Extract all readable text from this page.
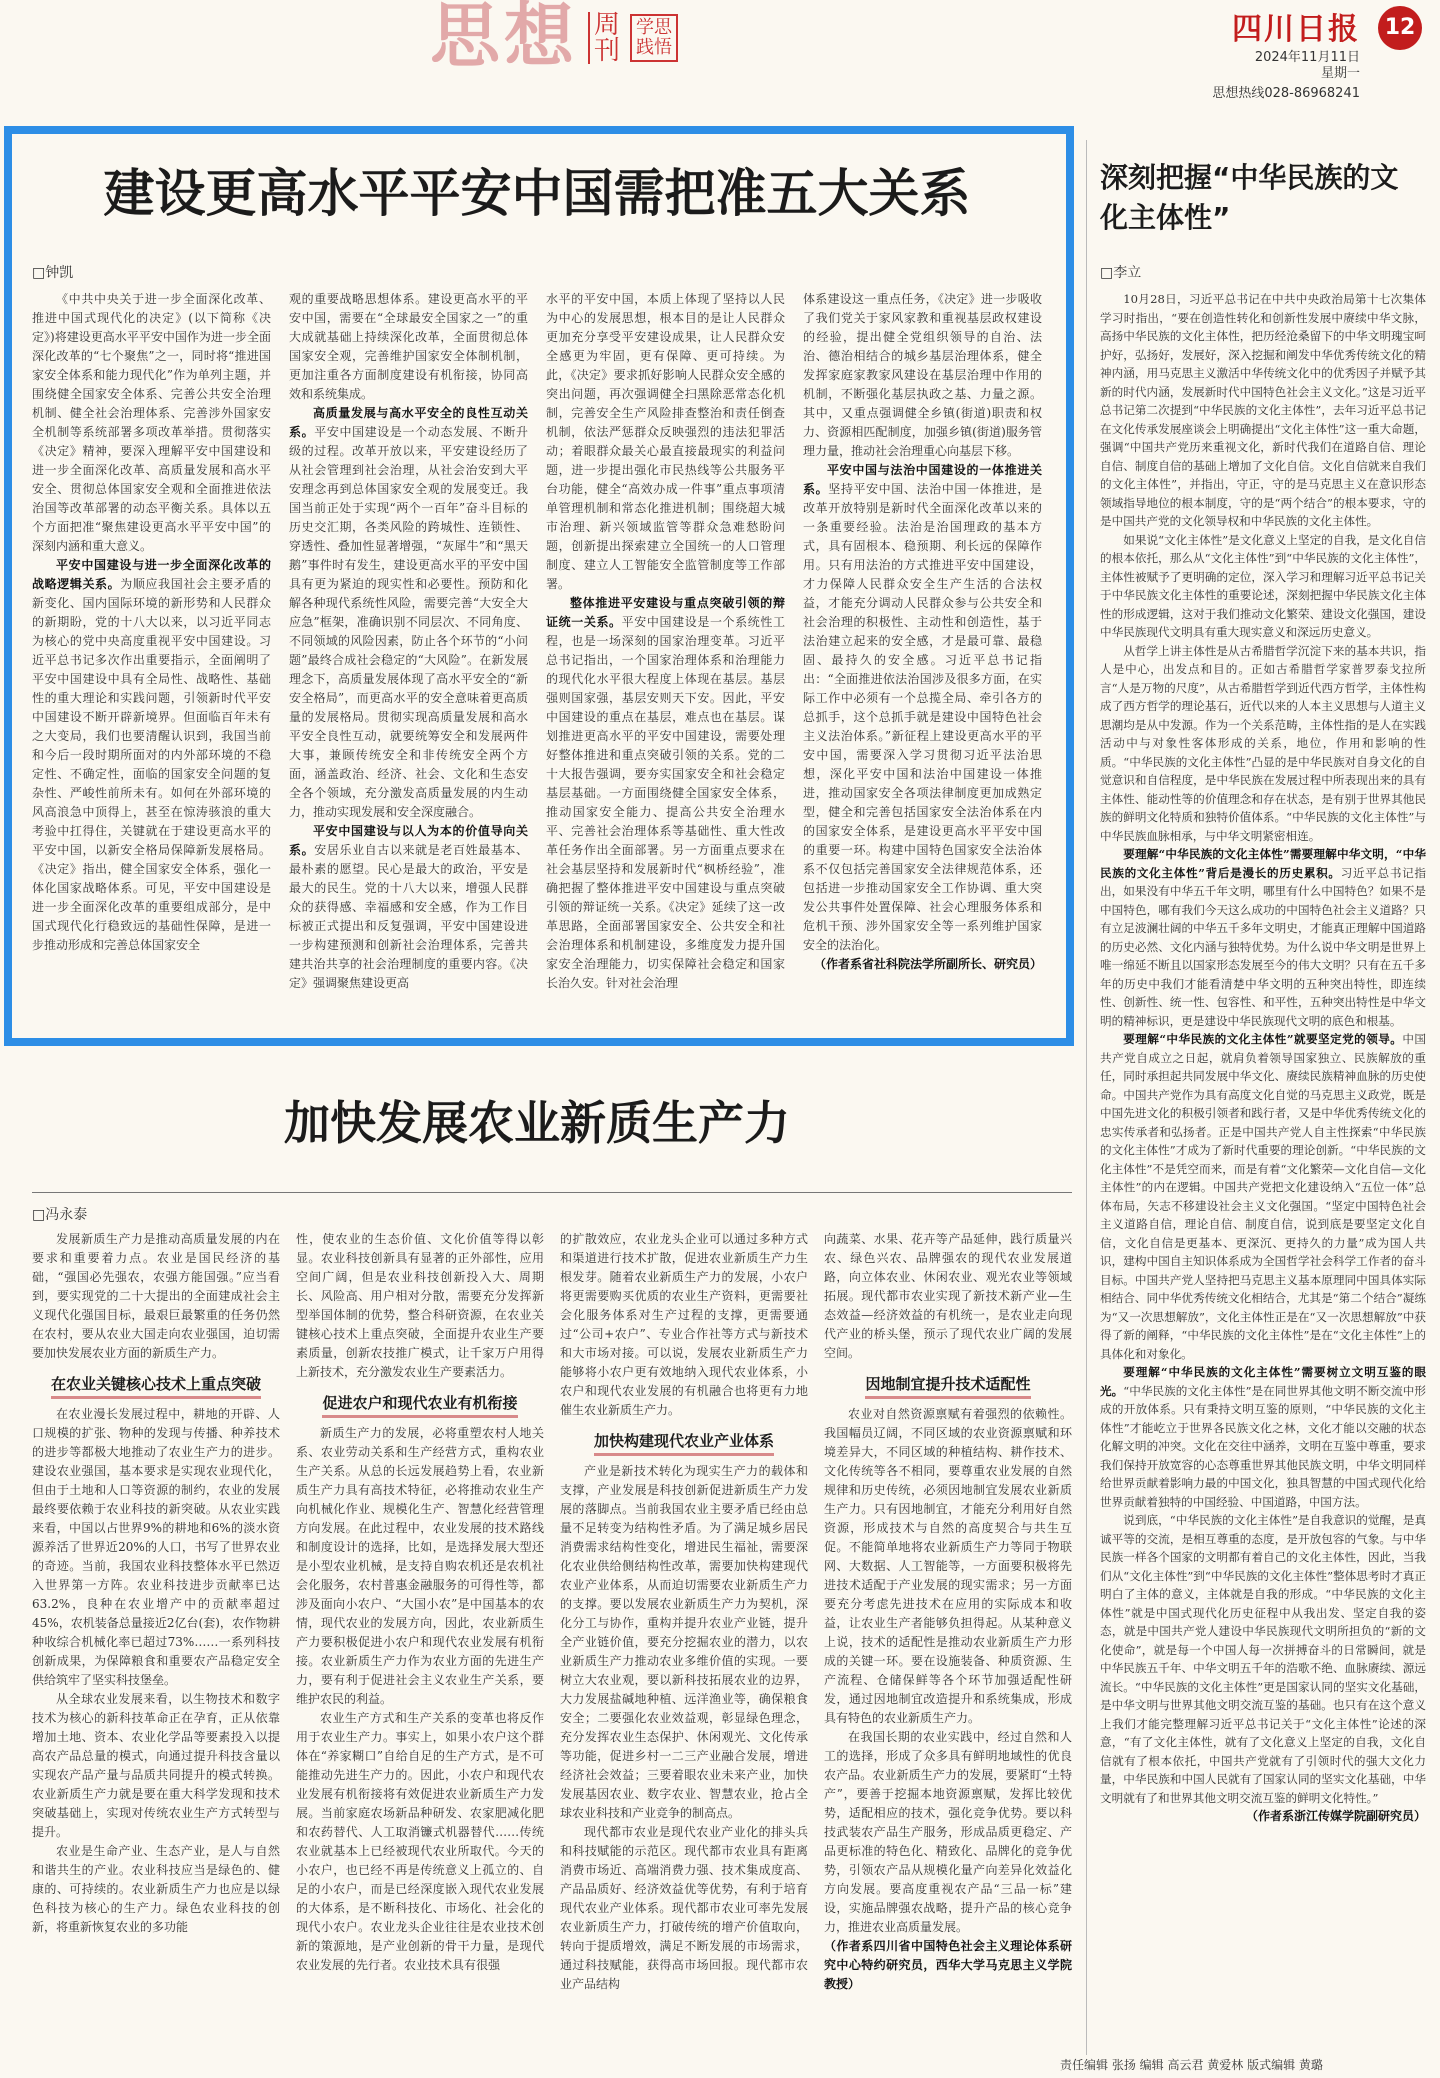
思想 周
刊
学思践悟
四川日报	12
2024年11月11日
星期一
思想热线028-86968241
建设更高水平平安中国需把准五大关系
□钟凯

《中共中央关于进一步全面深化改革、推进中国式现代化的决定》(以下简称《决定》)将建设更高水平平安中国作为进一步全面深化改革的“七个聚焦”之一，同时将“推进国家安全体系和能力现代化”作为单列主题，并围绕健全国家安全体系、完善公共安全治理机制、健全社会治理体系、完善涉外国家安全机制等系统部署多项改革举措。贯彻落实《决定》精神，要深入理解平安中国建设和进一步全面深化改革、高质量发展和高水平安全、贯彻总体国家安全观和全面推进依法治国等改革部署的动态平衡关系。具体以五个方面把准“聚焦建设更高水平平安中国”的深刻内涵和重大意义。

平安中国建设与进一步全面深化改革的战略逻辑关系。为顺应我国社会主要矛盾的新变化、国内国际环境的新形势和人民群众的新期盼，党的十八大以来，以习近平同志为核心的党中央高度重视平安中国建设。习近平总书记多次作出重要指示，全面阐明了平安中国建设中具有全局性、战略性、基础性的重大理论和实践问题，引领新时代平安中国建设不断开辟新境界。但面临百年未有之大变局，我们也要清醒认识到，我国当前和今后一段时期所面对的内外部环境的不稳定性、不确定性，面临的国家安全问题的复杂性、严峻性前所未有。如何在外部环境的风高浪急中顶得上，甚至在惊涛骇浪的重大考验中扛得住，关键就在于建设更高水平的平安中国，以新安全格局保障新发展格局。《决定》指出，健全国家安全体系，强化一体化国家战略体系。可见，平安中国建设是进一步全面深化改革的重要组成部分，是中国式现代化行稳致远的基础性保障，是进一步推动形成和完善总体国家安全

观的重要战略思想体系。建设更高水平的平安中国，需要在“全球最安全国家之一”的重大成就基础上持续深化改革，全面贯彻总体国家安全观，完善维护国家安全体制机制，更加注重各方面制度建设有机衔接，协同高效和系统集成。

高质量发展与高水平安全的良性互动关系。平安中国建设是一个动态发展、不断升级的过程。改革开放以来，平安建设经历了从社会管理到社会治理，从社会治安到大平安理念再到总体国家安全观的发展变迁。我国当前正处于实现“两个一百年”奋斗目标的历史交汇期，各类风险的跨城性、连锁性、穿透性、叠加性显著增强，“灰犀牛”和“黑天鹅”事件时有发生，建设更高水平的平安中国具有更为紧迫的现实性和必要性。预防和化解各种现代系统性风险，需要完善“大安全大应急”框架，准确识别不同层次、不同角度、不同领域的风险因素，防止各个环节的“小问题”最终合成社会稳定的“大风险”。在新发展理念下，高质量发展体现了高水平安全的“新安全格局”，而更高水平的安全意味着更高质量的发展格局。贯彻实现高质量发展和高水平安全良性互动，就要统筹安全和发展两件大事，兼顾传统安全和非传统安全两个方面，涵盖政治、经济、社会、文化和生态安全各个领域，充分激发高质量发展的内生动力，推动实现发展和安全深度融合。

平安中国建设与以人为本的价值导向关系。安居乐业自古以来就是老百姓最基本、最朴素的愿望。民心是最大的政治，平安是最大的民生。党的十八大以来，增强人民群众的获得感、幸福感和安全感，作为工作目标被正式提出和反复强调，平安中国建设进一步构建预测和创新社会治理体系，完善共建共治共享的社会治理制度的重要内容。《决定》强调聚焦建设更高

水平的平安中国，本质上体现了坚持以人民为中心的发展思想，根本目的是让人民群众更加充分享受平安建设成果，让人民群众安全感更为牢固，更有保障、更可持续。为此，《决定》要求抓好影响人民群众安全感的突出问题，再次强调健全扫黑除恶常态化机制，完善安全生产风险排查整治和责任倒查机制，依法严惩群众反映强烈的违法犯罪活动；着眼群众最关心最直接最现实的利益问题，进一步提出强化市民热线等公共服务平台功能，健全“高效办成一件事”重点事项清单管理机制和常态化推进机制；围绕超大城市治理、新兴领域监管等群众急难愁盼问题，创新提出探索建立全国统一的人口管理制度、建立人工智能安全监管制度等工作部署。

整体推进平安建设与重点突破引领的辩证统一关系。平安中国建设是一个系统性工程，也是一场深刻的国家治理变革。习近平总书记指出，一个国家治理体系和治理能力的现代化水平很大程度上体现在基层。基层强则国家强，基层安则天下安。因此，平安中国建设的重点在基层，难点也在基层。谋划推进更高水平的平安中国建设，需要处理好整体推进和重点突破引领的关系。党的二十大报告强调，要夯实国家安全和社会稳定基层基础。一方面围绕健全国家安全体系，推动国家安全能力、提高公共安全治理水平、完善社会治理体系等基础性、重大性改革任务作出全面部署。另一方面重点要求在社会基层坚持和发展新时代“枫桥经验”，准确把握了整体推进平安中国建设与重点突破引领的辩证统一关系。《决定》延续了这一改革思路，全面部署国家安全、公共安全和社会治理体系和机制建设，多维度发力提升国家安全治理能力，切实保障社会稳定和国家长治久安。针对社会治理

体系建设这一重点任务，《决定》进一步吸收了我们党关于家风家教和重视基层政权建设的经验，提出健全党组织领导的自治、法治、德治相结合的城乡基层治理体系，健全发挥家庭家教家风建设在基层治理中作用的机制，不断强化基层执政之基、力量之源。其中，又重点强调健全乡镇(街道)职责和权力、资源相匹配制度，加强乡镇(街道)服务管理力量，推动社会治理重心向基层下移。

平安中国与法治中国建设的一体推进关系。坚持平安中国、法治中国一体推进，是改革开放特别是新时代全面深化改革以来的一条重要经验。法治是治国理政的基本方式，具有固根本、稳预期、利长远的保障作用。只有用法治的方式推进平安中国建设，才力保障人民群众安全生产生活的合法权益，才能充分调动人民群众参与公共安全和社会治理的积极性、主动性和创造性，基于法治建立起来的安全感，才是最可靠、最稳固、最持久的安全感。习近平总书记指出：“全面推进依法治国涉及很多方面，在实际工作中必须有一个总揽全局、牵引各方的总抓手，这个总抓手就是建设中国特色社会主义法治体系。”新征程上建设更高水平的平安中国，需要深入学习贯彻习近平法治思想，深化平安中国和法治中国建设一体推进，推动国家安全各项法律制度更加成熟定型，健全和完善包括国家安全法治体系在内的国家安全体系，是建设更高水平平安中国的重要一环。构建中国特色国家安全法治体系不仅包括完善国家安全法律规范体系，还包括进一步推动国家安全工作协调、重大突发公共事件处置保障、社会心理服务体系和危机干预、涉外国家安全等一系列维护国家安全的法治化。

（作者系省社科院法学所副所长、研究员）

深刻把握“中华民族的文化主体性”
□李立

10月28日，习近平总书记在中共中央政治局第十七次集体学习时指出，“要在创造性转化和创新性发展中赓续中华文脉，高扬中华民族的文化主体性，把历经沧桑留下的中华文明瑰宝呵护好，弘扬好，发展好，深入挖掘和阐发中华优秀传统文化的精神内涵，用马克思主义激活中华传统文化中的优秀因子并赋予其新的时代内涵，发展新时代中国特色社会主义文化。”这是习近平总书记第二次提到“中华民族的文化主体性”，去年习近平总书记在文化传承发展座谈会上明确提出“文化主体性”这一重大命题，强调“中国共产党历来重视文化，新时代我们在道路自信、理论自信、制度自信的基础上增加了文化自信。文化自信就来自我们的文化主体性”，并指出，守正，守的是马克思主义在意识形态领域指导地位的根本制度，守的是“两个结合”的根本要求，守的是中国共产党的文化领导权和中华民族的文化主体性。

如果说“文化主体性”是文化意义上坚定的自我，是文化自信的根本依托，那么从“文化主体性”到“中华民族的文化主体性”，主体性被赋予了更明确的定位，深入学习和理解习近平总书记关于中华民族文化主体性的重要论述，深刻把握中华民族文化主体性的形成逻辑，这对于我们推动文化繁荣、建设文化强国，建设中华民族现代文明具有重大现实意义和深远历史意义。

从哲学上讲主体性是从古希腊哲学沉淀下来的基本共识，指人是中心，出发点和目的。正如古希腊哲学家普罗泰戈拉所言“人是万物的尺度”，从古希腊哲学到近代西方哲学，主体性构成了西方哲学的理论基石，近代以来的人本主义思想与人道主义思潮均是从中发源。作为一个关系范畴，主体性指的是人在实践活动中与对象性客体形成的关系，地位，作用和影响的性质。“中华民族的文化主体性”凸显的是中华民族对自身文化的自觉意识和自信程度，是中华民族在发展过程中所表现出来的具有主体性、能动性等的价值理念和存在状态，是有别于世界其他民族的鲜明文化特质和独特价值体系。“中华民族的文化主体性”与中华民族血脉相承，与中华文明紧密相连。

要理解“中华民族的文化主体性”需要理解中华文明，“中华民族的文化主体性”背后是漫长的历史累积。习近平总书记指出，如果没有中华五千年文明，哪里有什么中国特色？如果不是中国特色，哪有我们今天这么成功的中国特色社会主义道路？只有立足波澜壮阔的中华五千多年文明史，才能真正理解中国道路的历史必然、文化内涵与独特优势。为什么说中华文明是世界上唯一绵延不断且以国家形态发展至今的伟大文明？只有在五千多年的历史中我们才能看清楚中华文明的五种突出特性，即连续性、创新性、统一性、包容性、和平性，五种突出特性是中华文明的精神标识，更是建设中华民族现代文明的底色和根基。

要理解“中华民族的文化主体性”就要坚定党的领导。中国共产党自成立之日起，就肩负着领导国家独立、民族解放的重任，同时承担起共同发展中华文化、赓续民族精神血脉的历史使命。中国共产党作为具有高度文化自觉的马克思主义政党，既是中国先进文化的积极引领者和践行者，又是中华优秀传统文化的忠实传承者和弘扬者。正是中国共产党人自主性探索“中华民族的文化主体性”才成为了新时代重要的理论创新。“中华民族的文化主体性”不是凭空而来，而是有着“文化繁荣—文化自信—文化主体性”的内在逻辑。中国共产党把文化建设纳入“五位一体”总体布局，矢志不移建设社会主义文化强国。“坚定中国特色社会主义道路自信，理论自信、制度自信，说到底是要坚定文化自信，文化自信是更基本、更深沉、更持久的力量”成为国人共识，建构中国自主知识体系成为全国哲学社会科学工作者的奋斗目标。中国共产党人坚持把马克思主义基本原理同中国具体实际相结合、同中华优秀传统文化相结合，尤其是“第二个结合”凝练为“又一次思想解放”，文化主体性正是在“又一次思想解放”中获得了新的阐释，“中华民族的文化主体性”是在“文化主体性”上的具体化和对象化。

要理解“中华民族的文化主体性”需要树立文明互鉴的眼光。“中华民族的文化主体性”是在同世界其他文明不断交流中形成的开放体系。只有秉持文明互鉴的原则，“中华民族的文化主体性”才能屹立于世界各民族文化之林，文化才能以交融的状态化解文明的冲突。文化在交往中涵养，文明在互鉴中尊重，要求我们保持开放宽容的心态尊重世界其他民族文明，中华文明同样给世界贡献着影响力最的中国文化，独具智慧的中国式现代化给世界贡献着独特的中国经验、中国道路，中国方法。

说到底，“中华民族的文化主体性”是自我意识的觉醒，是真诚平等的交流，是相互尊重的态度，是开放包容的气象。与中华民族一样各个国家的文明都有着自己的文化主体性，因此，当我们从“文化主体性”到“中华民族的文化主体性”整体思考时才真正明白了主体的意义，主体就是自我的形成。“中华民族的文化主体性”就是中国式现代化历史征程中从我出发、坚定自我的姿态，就是中国共产党人建设中华民族现代文明所担负的“新的文化使命”，就是每一个中国人每一次拼搏奋斗的日常瞬间，就是中华民族五千年、中华文明五千年的浩歌不绝、血脉赓续、源远流长。“中华民族的文化主体性”更是国家认同的坚实文化基础，是中华文明与世界其他文明交流互鉴的基础。也只有在这个意义上我们才能完整理解习近平总书记关于“文化主体性”论述的深意，“有了文化主体性，就有了文化意义上坚定的自我，文化自信就有了根本依托，中国共产党就有了引领时代的强大文化力量，中华民族和中国人民就有了国家认同的坚实文化基础，中华文明就有了和世界其他文明交流互鉴的鲜明文化特性。”

（作者系浙江传媒学院副研究员）

加快发展农业新质生产力
□冯永泰

发展新质生产力是推动高质量发展的内在要求和重要着力点。农业是国民经济的基础，“强国必先强农，农强方能国强。”应当看到，要实现党的二十大提出的全面建成社会主义现代化强国目标，最艰巨最繁重的任务仍然在农村，要从农业大国走向农业强国，迫切需要加快发展农业方面的新质生产力。

在农业关键核心技术上重点突破

在农业漫长发展过程中，耕地的开辟、人口规模的扩张、物种的发现与传播、种养技术的进步等都极大地推动了农业生产力的进步。建设农业强国，基本要求是实现农业现代化，但由于土地和人口等资源的制约，农业的发展最终要依赖于农业科技的新突破。从农业实践来看，中国以占世界9%的耕地和6%的淡水资源养活了世界近20%的人口，书写了世界农业的奇迹。当前，我国农业科技整体水平已然迈入世界第一方阵。农业科技进步贡献率已达63.2%，良种在农业增产中的贡献率超过45%，农机装备总量接近2亿台(套)，农作物耕种收综合机械化率已超过73%……一系列科技创新成果，为保障粮食和重要农产品稳定安全供给筑牢了坚实科技堡垒。

从全球农业发展来看，以生物技术和数字技术为核心的新科技革命正在孕育，正从依靠增加土地、资本、农业化学品等要素投入以提高农产品总量的模式，向通过提升科技含量以实现农产品产量与品质共同提升的模式转换。农业新质生产力就是要在重大科学发现和技术突破基础上，实现对传统农业生产方式转型与提升。

农业是生命产业、生态产业，是人与自然和谐共生的产业。农业科技应当是绿色的、健康的、可持续的。农业新质生产力也应是以绿色科技为核心的生产力。绿色农业科技的创新，将重新恢复农业的多功能

性，使农业的生态价值、文化价值等得以彰显。农业科技创新具有显著的正外部性，应用空间广阔，但是农业科技创新投入大、周期长、风险高、用户相对分散，需要充分发挥新型举国体制的优势，整合科研资源，在农业关键核心技术上重点突破，全面提升农业生产要素质量，创新农技推广模式，让千家万户用得上新技术，充分激发农业生产要素活力。

促进农户和现代农业有机衔接

新质生产力的发展，必将重塑农村人地关系、农业劳动关系和生产经营方式，重构农业生产关系。从总的长远发展趋势上看，农业新质生产力具有高技术特征，必将推动农业生产向机械化作业、规模化生产、智慧化经营管理方向发展。在此过程中，农业发展的技术路线和制度设计的选择，比如，是选择发展大型还是小型农业机械，是支持自购农机还是农机社会化服务，农村普惠金融服务的可得性等，都涉及面向小农户、“大国小农”是中国基本的农情，现代农业的发展方向，因此，农业新质生产力要积极促进小农户和现代农业发展有机衔接。农业新质生产力作为农业方面的先进生产力，要有利于促进社会主义农业生产关系，要维护农民的利益。

农业生产方式和生产关系的变革也将反作用于农业生产力。事实上，如果小农户这个群体在“养家糊口”自给自足的生产方式，是不可能推动先进生产力的。因此，小农户和现代农业发展有机衔接将有效促进农业新质生产力发展。当前家庭农场新品种研发、农家肥减化肥和农药替代、人工取消镰式机器替代……传统农业就基本上已经被现代农业所取代。今天的小农户，也已经不再是传统意义上孤立的、自足的小农户，而是已经深度嵌入现代农业发展的大体系，是不断科技化、市场化、社会化的现代小农户。农业龙头企业往往是农业技术创新的策源地，是产业创新的骨干力量，是现代农业发展的先行者。农业技术具有很强

的扩散效应，农业龙头企业可以通过多种方式和渠道进行技术扩散，促进农业新质生产力生根发芽。随着农业新质生产力的发展，小农户将更需要购买优质的农业生产资料，更需要社会化服务体系对生产过程的支撑，更需要通过“公司+农户”、专业合作社等方式与新技术和大市场对接。可以说，发展农业新质生产力能够将小农户更有效地纳入现代农业体系，小农户和现代农业发展的有机融合也将更有力地催生农业新质生产力。

加快构建现代农业产业体系

产业是新技术转化为现实生产力的载体和支撑，产业发展是科技创新促进新质生产力发展的落脚点。当前我国农业主要矛盾已经由总量不足转变为结构性矛盾。为了满足城乡居民消费需求结构性变化，增进民生福祉，需要深化农业供给侧结构性改革，需要加快构建现代农业产业体系，从而迫切需要农业新质生产力的支撑。要以发展农业新质生产力为契机，深化分工与协作，重构并提升农业产业链，提升全产业链价值，要充分挖掘农业的潜力，以农业新质生产力推动农业多维价值的实现。一要树立大农业观，要以新科技拓展农业的边界，大力发展盐碱地种植、远洋渔业等，确保粮食安全；二要强化农业效益观，彰显绿色理念，充分发挥农业生态保护、休闲观光、文化传承等功能，促进乡村一二三产业融合发展，增进经济社会效益；三要着眼农业未来产业，加快发展基因农业、数字农业、智慧农业，抢占全球农业科技和产业竞争的制高点。

现代都市农业是现代农业产业化的排头兵和科技赋能的示范区。现代都市农业具有距离消费市场近、高端消费力强、技术集成度高、产品品质好、经济效益优等优势，有利于培育现代农业产业体系。现代都市农业可率先发展农业新质生产力，打破传统的增产价值取向，转向于提质增效，满足不断发展的市场需求，通过科技赋能，获得高市场回报。现代都市农业产品结构

向蔬菜、水果、花卉等产品延伸，践行质量兴农、绿色兴农、品牌强农的现代农业发展道路，向立体农业、休闲农业、观光农业等领域拓展。现代都市农业实现了新技术新产业—生态效益—经济效益的有机统一，是农业走向现代产业的桥头堡，预示了现代农业广阔的发展空间。

因地制宜提升技术适配性

农业对自然资源禀赋有着强烈的依赖性。我国幅员辽阔，不同区域的农业资源禀赋和环境差异大，不同区域的种植结构、耕作技术、文化传统等各不相同，要尊重农业发展的自然规律和历史传统，必须因地制宜发展农业新质生产力。只有因地制宜，才能充分利用好自然资源，形成技术与自然的高度契合与共生互促。不能简单地将农业新质生产力等同于物联网、大数据、人工智能等，一方面要积极将先进技术适配于产业发展的现实需求；另一方面要充分考虑先进技术在应用的实际成本和收益，让农业生产者能够负担得起。从某种意义上说，技术的适配性是推动农业新质生产力形成的关键一环。要在设施装备、种质资源、生产流程、仓储保鲜等各个环节加强适配性研发，通过因地制宜改造提升和系统集成，形成具有特色的农业新质生产力。

在我国长期的农业实践中，经过自然和人工的选择，形成了众多具有鲜明地域性的优良农产品。农业新质生产力的发展，要紧盯“土特产”，要善于挖掘本地资源禀赋，发挥比较优势，适配相应的技术，强化竞争优势。要以科技武装农产品生产服务，形成品质更稳定、产品更标准的特色化、精致化、品牌化的竞争优势，引领农产品从规模化量产向差异化效益化方向发展。要高度重视农产品“三品一标”建设，实施品牌强农战略，提升产品的核心竞争力，推进农业高质量发展。

（作者系四川省中国特色社会主义理论体系研究中心特约研究员，西华大学马克思主义学院教授）

责任编辑 张扬 编辑 高云君 黄爱林 版式编辑 黄璐
